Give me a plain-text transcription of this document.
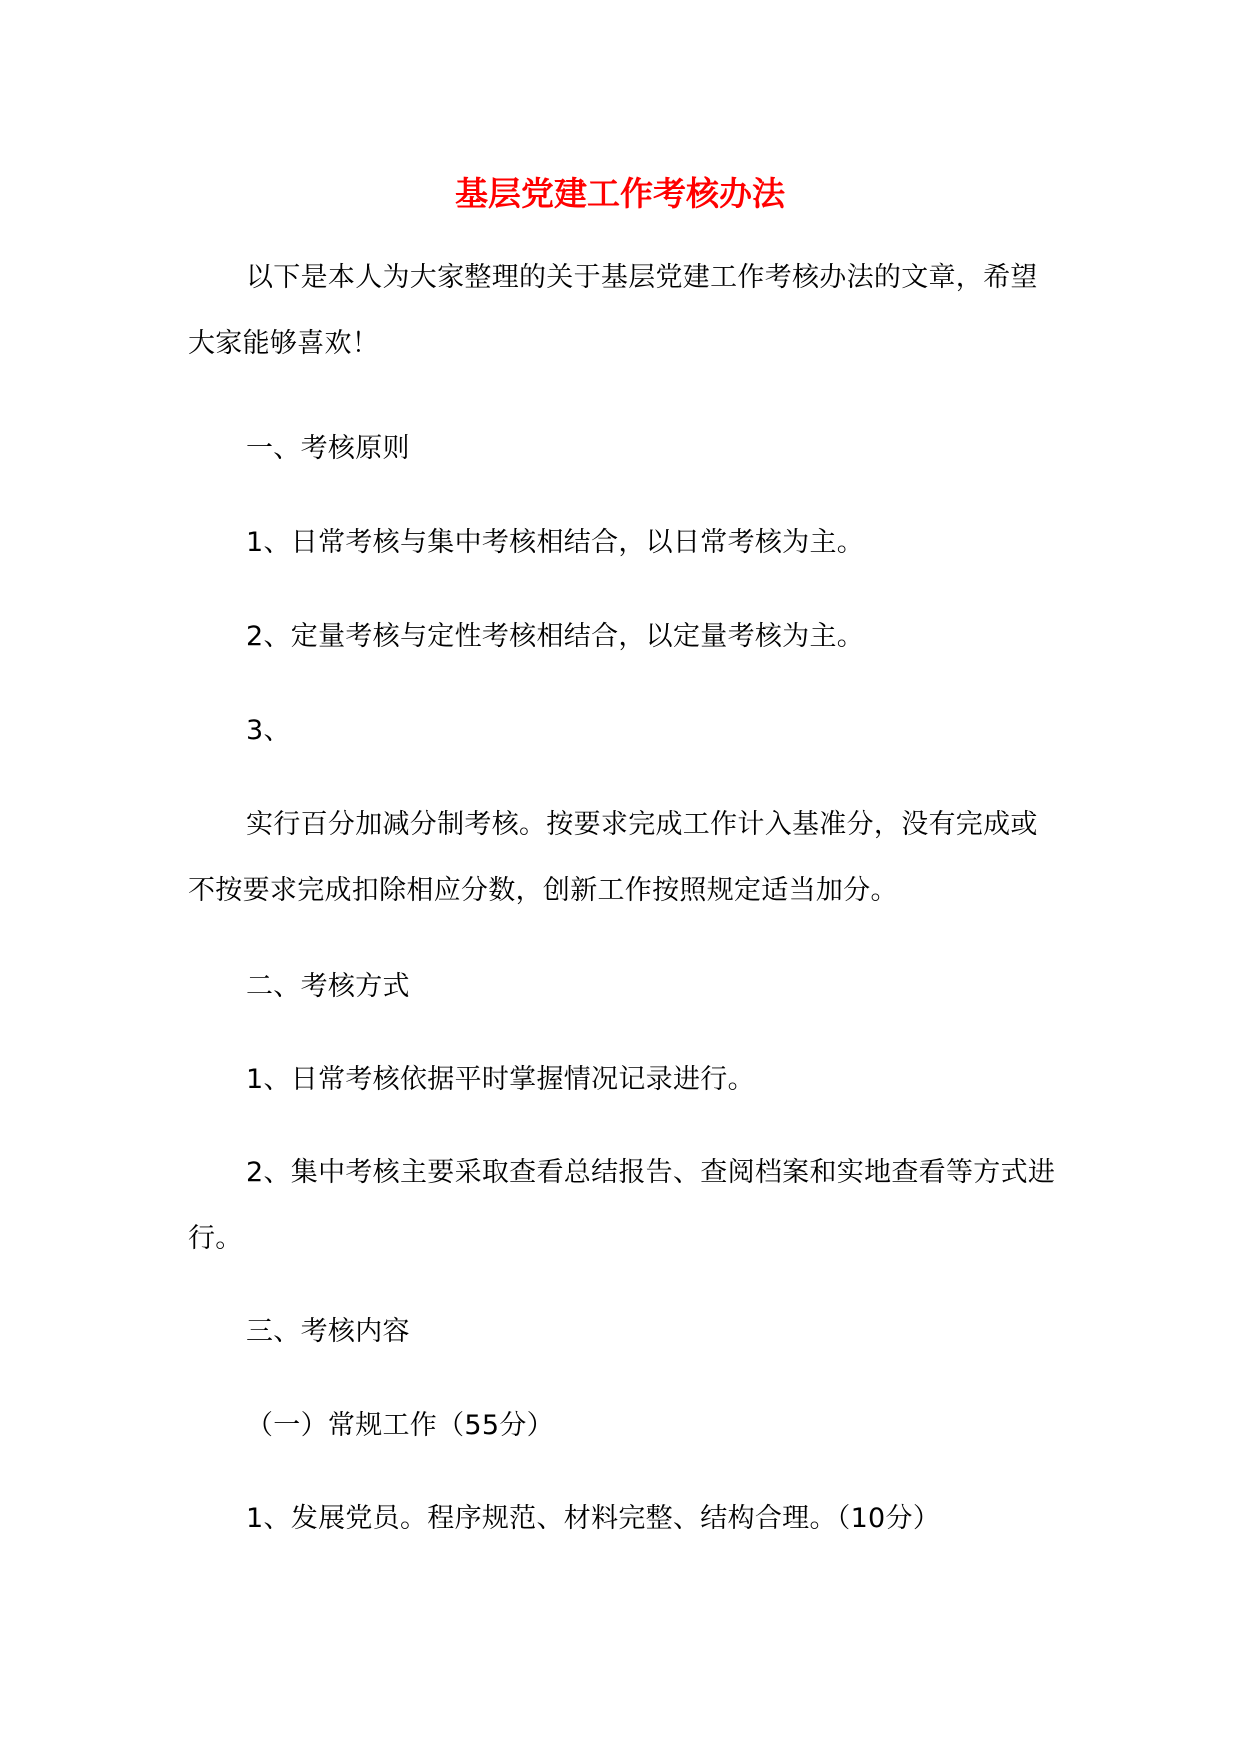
基层党建工作考核办法

以下是本人为大家整理的关于基层党建工作考核办法的文章，希望大家能够喜欢！

一、考核原则

1、日常考核与集中考核相结合，以日常考核为主。

2、定量考核与定性考核相结合，以定量考核为主。

3、

实行百分加减分制考核。按要求完成工作计入基准分，没有完成或不按要求完成扣除相应分数，创新工作按照规定适当加分。

二、考核方式

1、日常考核依据平时掌握情况记录进行。

2、集中考核主要采取查看总结报告、查阅档案和实地查看等方式进行。

三、考核内容

（一）常规工作（55分）

1、发展党员。程序规范、材料完整、结构合理。（10分）
